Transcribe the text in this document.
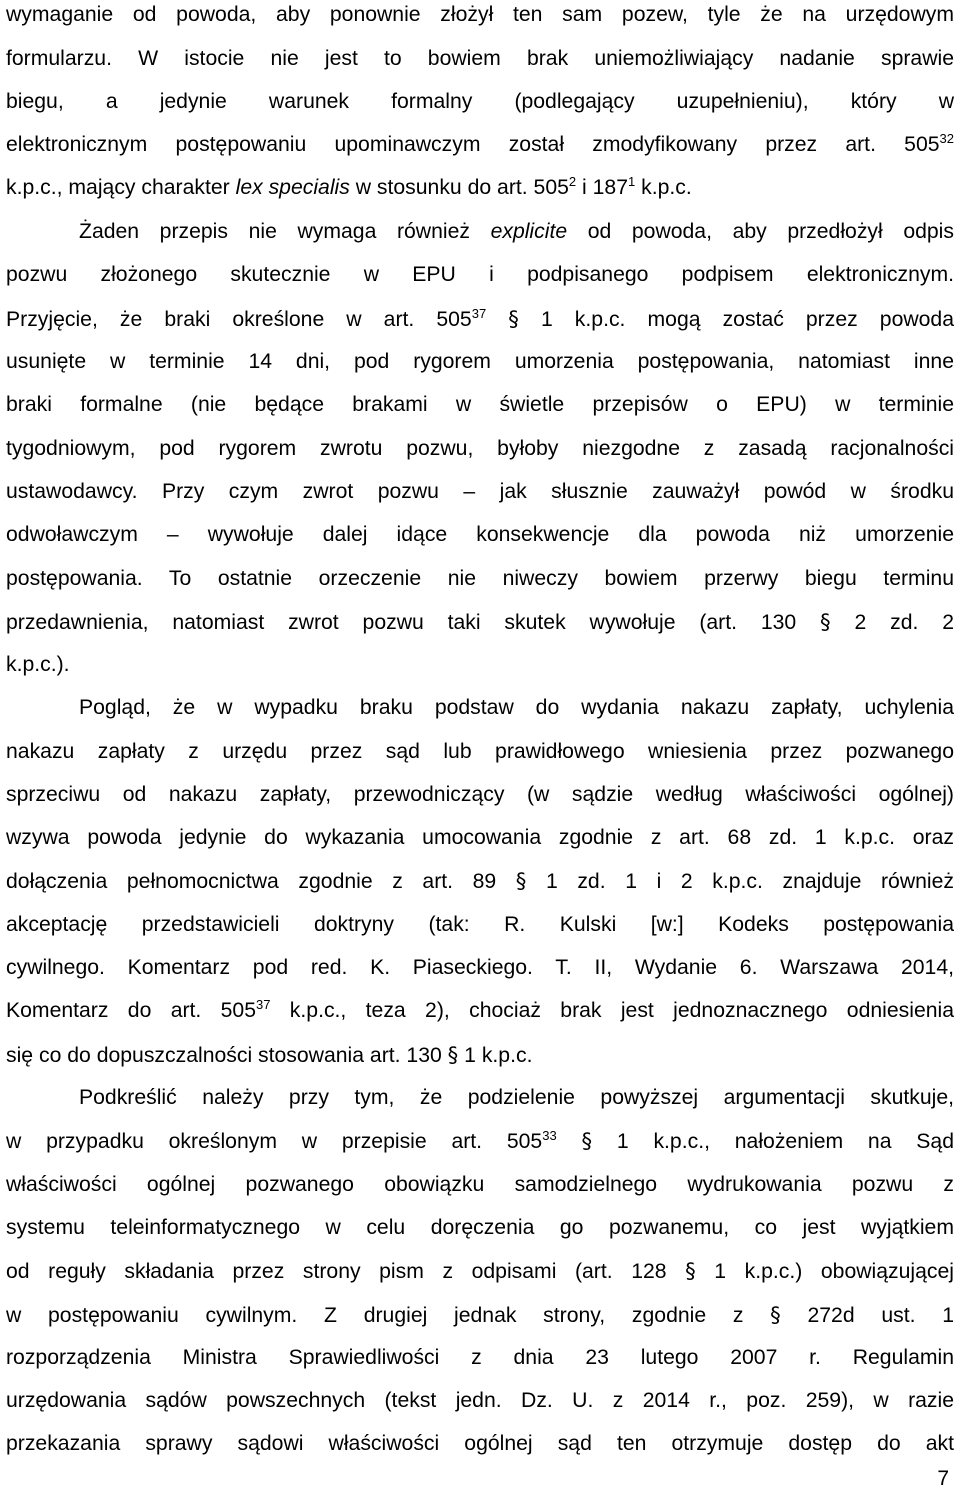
wymaganie od powoda, aby ponownie złożył ten sam pozew, tyle że na urzędowym
formularzu. W istocie nie jest to bowiem brak uniemożliwiający nadanie sprawie
biegu, a jedynie warunek formalny (podlegający uzupełnieniu), który w
elektronicznym postępowaniu upominawczym został zmodyfikowany przez art. $505^{32}$
k.p.c., mający charakter lex specialis w stosunku do art. $505^2$ i $187^1$ k.p.c.
Żaden przepis nie wymaga również explicite od powoda, aby przedłożył odpis
pozwu złożonego skutecznie w EPU i podpisanego podpisem elektronicznym.
Przyjęcie, że braki określone w art. $505^{37}$ § 1 k.p.c. mogą zostać przez powoda
usunięte w terminie 14 dni, pod rygorem umorzenia postępowania, natomiast inne
braki formalne (nie będące brakami w świetle przepisów o EPU) w terminie
tygodniowym, pod rygorem zwrotu pozwu, byłoby niezgodne z zasadą racjonalności
ustawodawcy. Przy czym zwrot pozwu – jak słusznie zauważył powód w środku
odwoławczym – wywołuje dalej idące konsekwencje dla powoda niż umorzenie
postępowania. To ostatnie orzeczenie nie niweczy bowiem przerwy biegu terminu
przedawnienia, natomiast zwrot pozwu taki skutek wywołuje (art. 130 § 2 zd. 2
k.p.c.).
Pogląd, że w wypadku braku podstaw do wydania nakazu zapłaty, uchylenia
nakazu zapłaty z urzędu przez sąd lub prawidłowego wniesienia przez pozwanego
sprzeciwu od nakazu zapłaty, przewodniczący (w sądzie według właściwości ogólnej)
wzywa powoda jedynie do wykazania umocowania zgodnie z art. 68 zd. 1 k.p.c. oraz
dołączenia pełnomocnictwa zgodnie z art. 89 § 1 zd. 1 i 2 k.p.c. znajduje również
akceptację przedstawicieli doktryny (tak: R. Kulski [w:] Kodeks postępowania
cywilnego. Komentarz pod red. K. Piaseckiego. T. II, Wydanie 6. Warszawa 2014,
Komentarz do art. $505^{37}$ k.p.c., teza 2), chociaż brak jest jednoznacznego odniesienia
się co do dopuszczalności stosowania art. 130 § 1 k.p.c.
Podkreślić należy przy tym, że podzielenie powyższej argumentacji skutkuje,
w przypadku określonym w przepisie art. $505^{33}$ § 1 k.p.c., nałożeniem na Sąd
właściwości ogólnej pozwanego obowiązku samodzielnego wydrukowania pozwu z
systemu teleinformatycznego w celu doręczenia go pozwanemu, co jest wyjątkiem
od reguły składania przez strony pism z odpisami (art. 128 § 1 k.p.c.) obowiązującej
w postępowaniu cywilnym. Z drugiej jednak strony, zgodnie z § 272d ust. 1
rozporządzenia Ministra Sprawiedliwości z dnia 23 lutego 2007 r. Regulamin
urzędowania sądów powszechnych (tekst jedn. Dz. U. z 2014 r., poz. 259), w razie
przekazania sprawy sądowi właściwości ogólnej sąd ten otrzymuje dostęp do akt
7
